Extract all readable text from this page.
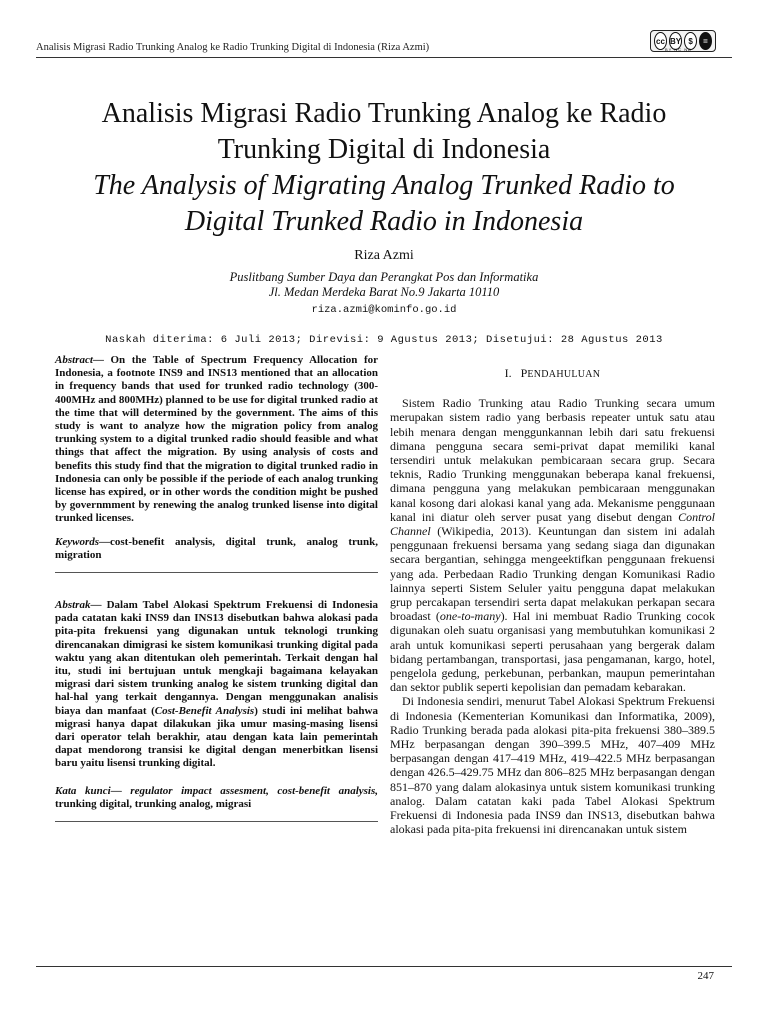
Analisis Migrasi Radio Trunking Analog ke Radio Trunking Digital di Indonesia (Riza Azmi)
cc BY $	=
BY NC ND
Analisis Migrasi Radio Trunking Analog ke Radio
Trunking Digital di Indonesia
The Analysis of Migrating Analog Trunked Radio to
Digital Trunked Radio in Indonesia
Riza Azmi
Puslitbang Sumber Daya dan Perangkat Pos dan Informatika
Jl. Medan Merdeka Barat No.9 Jakarta 10110
riza.azmi@kominfo.go.id
Naskah diterima: 6 Juli 2013; Direvisi: 9 Agustus 2013; Disetujui: 28 Agustus 2013

Abstract— On the Table of Spectrum Frequency Allocation for Indonesia, a footnote INS9 and INS13 mentioned that an allocation in frequency bands that used for trunked radio technology (300-400MHz and 800MHz) planned to be use for digital trunked radio at the time that will determined by the government. The aims of this study is want to analyze how the migration policy from analog trunking system to a digital trunked radio should feasible and what things that affect the migration. By using analysis of costs and benefits this study find that the migration to digital trunked radio in Indonesia can only be possible if the periode of each analog trunking license has expired, or in other words the condition might be pushed by governmment by renewing the analog trunked lisense into digital trunked licenses.

Keywords—cost-benefit analysis, digital trunk, analog trunk, migration

Abstrak— Dalam Tabel Alokasi Spektrum Frekuensi di Indonesia pada catatan kaki INS9 dan INS13 disebutkan bahwa alokasi pada pita-pita frekuensi yang digunakan untuk teknologi trunking direncanakan dimigrasi ke sistem komunikasi trunking digital pada waktu yang akan ditentukan oleh pemerintah. Terkait dengan hal itu, studi ini bertujuan untuk mengkaji bagaimana kelayakan migrasi dari sistem trunking analog ke sistem trunking digital dan hal-hal yang terkait dengannya. Dengan menggunakan analisis biaya dan manfaat (Cost-Benefit Analysis) studi ini melihat bahwa migrasi hanya dapat dilakukan jika umur masing-masing lisensi dari operator telah berakhir, atau dengan kata lain pemerintah dapat mendorong transisi ke digital dengan menerbitkan lisensi baru yaitu lisensi trunking digital.

Kata kunci— regulator impact assesment, cost-benefit analysis, trunking digital, trunking analog, migrasi

I. PENDAHULUAN

Sistem Radio Trunking atau Radio Trunking secara umum merupakan sistem radio yang berbasis repeater untuk satu atau lebih menara dengan menggunkannan lebih dari satu frekuensi dimana pengguna secara semi-privat dapat memiliki kanal tersendiri untuk melakukan pembicaraan secara grup. Secara teknis, Radio Trunking menggunakan beberapa kanal frekuensi, dimana pengguna yang melakukan pembicaraan menggunakan kanal kosong dari alokasi kanal yang ada. Mekanisme penggunaan kanal ini diatur oleh server pusat yang disebut dengan Control Channel (Wikipedia, 2013). Keuntungan dan sistem ini adalah penggunaan frekuensi bersama yang sedang siaga dan digunakan secara bergantian, sehingga mengeektifkan penggunaan frekuensi yang ada. Perbedaan Radio Trunking dengan Komunikasi Radio lainnya seperti Sistem Seluler yaitu pengguna dapat melakukan grup percakapan tersendiri serta dapat melakukan perkapan secara broadast (one-to-many). Hal ini membuat Radio Trunking cocok digunakan oleh suatu organisasi yang membutuhkan komunikasi 2 arah untuk komunikasi seperti perusahaan yang bergerak dalam bidang pertambangan, transportasi, jasa pengamanan, kargo, hotel, pengelola gedung, perkebunan, perbankan, maupun pemerintahan dan sektor publik seperti kepolisian dan pemadam kebarakan.

Di Indonesia sendiri, menurut Tabel Alokasi Spektrum Frekuensi di Indonesia (Kementerian Komunikasi dan Informatika, 2009), Radio Trunking berada pada alokasi pita-pita frekuensi 380–389.5 MHz berpasangan dengan 390–399.5 MHz, 407–409 MHz berpasangan dengan 417–419 MHz, 419–422.5 MHz berpasangan dengan 426.5–429.75 MHz dan 806–825 MHz berpasangan dengan 851–870 yang dalam alokasinya untuk sistem komunikasi trunking analog. Dalam catatan kaki pada Tabel Alokasi Spektrum Frekuensi di Indonesia pada INS9 dan INS13, disebutkan bahwa alokasi pada pita-pita frekuensi ini direncanakan untuk sistem

247
